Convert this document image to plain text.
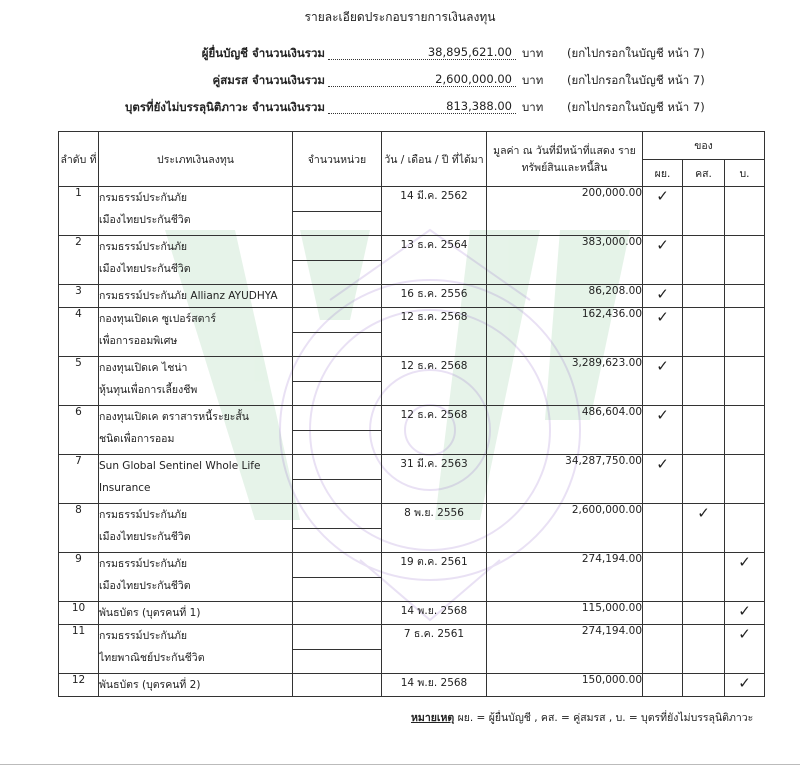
รายละเอียดประกอบรายการเงินลงทุน
ผู้ยื่นบัญชี จำนวนเงินรวม	38,895,621.00 บาท (ยกไปกรอกในบัญชี หน้า 7)
คู่สมรส จำนวนเงินรวม	2,600,000.00 บาท (ยกไปกรอกในบัญชี หน้า 7)
บุตรที่ยังไม่บรรลุนิติภาวะ จำนวนเงินรวม	813,388.00 บาท (ยกไปกรอกในบัญชี หน้า 7)
ลำดับ ที่	ประเภทเงินลงทุน	จำนวนหน่วย	วัน / เดือน / ปี ที่ได้มา	มูลค่า ณ วันที่มีหน้าที่แสดง รายทรัพย์สินและหนี้สิน	ของ		
					ผย.	คส.	บ.
1	กรมธรรม์ประกันภัย
เมืองไทยประกันชีวิต		14 มี.ค. 2562	200,000.00	✓		
2	กรมธรรม์ประกันภัย
เมืองไทยประกันชีวิต		13 ธ.ค. 2564	383,000.00	✓		
3	กรมธรรม์ประกันภัย Allianz AYUDHYA		16 ธ.ค. 2556	86,208.00	✓		
4	กองทุนเปิดเค ซูเปอร์สตาร์
เพื่อการออมพิเศษ		12 ธ.ค. 2568	162,436.00	✓		
5	กองทุนเปิดเค ไชน่า
หุ้นทุนเพื่อการเลี้ยงชีพ		12 ธ.ค. 2568	3,289,623.00	✓		
6	กองทุนเปิดเค ตราสารหนี้ระยะสั้น
ชนิดเพื่อการออม		12 ธ.ค. 2568	486,604.00	✓		
7	Sun Global Sentinel Whole Life
Insurance		31 มี.ค. 2563	34,287,750.00	✓		
8	กรมธรรม์ประกันภัย
เมืองไทยประกันชีวิต		8 พ.ย. 2556	2,600,000.00		✓	
9	กรมธรรม์ประกันภัย
เมืองไทยประกันชีวิต		19 ต.ค. 2561	274,194.00			✓
10	พันธบัตร (บุตรคนที่ 1)		14 พ.ย. 2568	115,000.00			✓
11	กรมธรรม์ประกันภัย
ไทยพาณิชย์ประกันชีวิต		7 ธ.ค. 2561	274,194.00			✓
12	พันธบัตร (บุตรคนที่ 2)		14 พ.ย. 2568	150,000.00			✓
หมายเหตุ ผย. = ผู้ยื่นบัญชี , คส. = คู่สมรส , บ. = บุตรที่ยังไม่บรรลุนิติภาวะ
